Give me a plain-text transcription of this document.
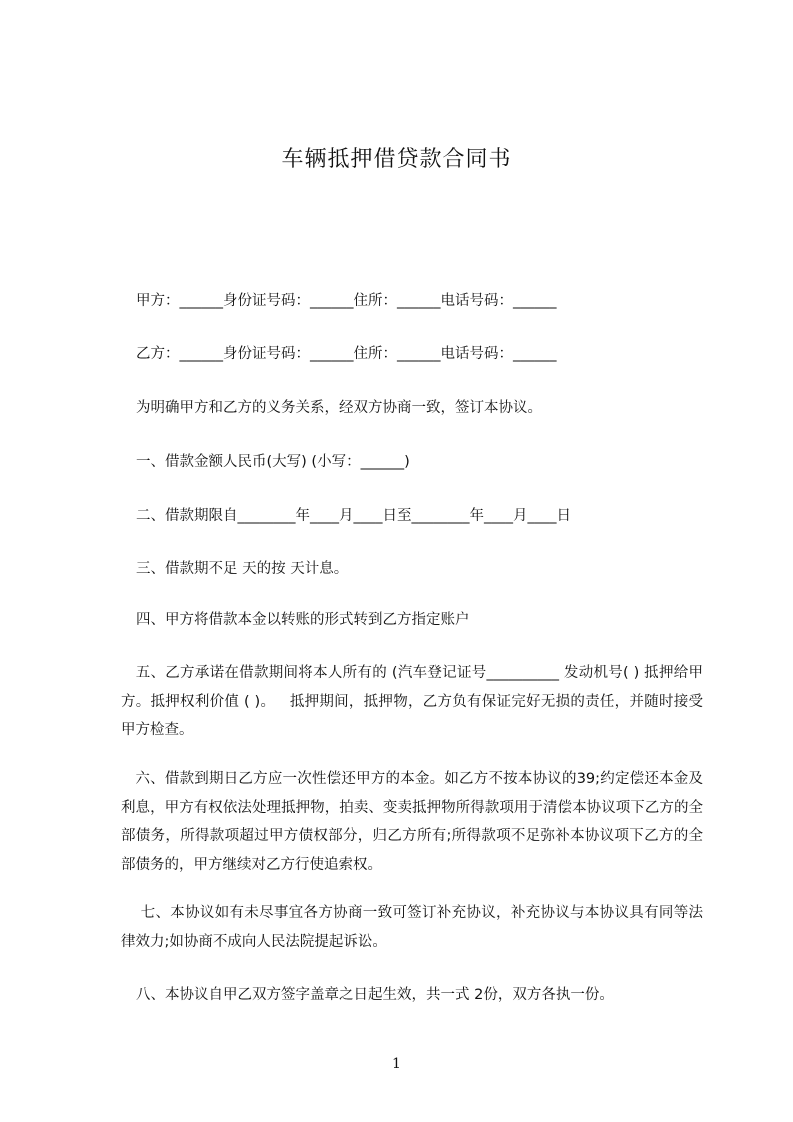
车辆抵押借贷款合同书
甲方：______身份证号码：______住所：______电话号码：______
乙方：______身份证号码：______住所：______电话号码：______
为明确甲方和乙方的义务关系，经双方协商一致，签订本协议。
一、借款金额人民币(大写) (小写：______)
二、借款期限自________年____月____日至________年____月____日
三、借款期不足 天的按 天计息。
四、甲方将借款本金以转账的形式转到乙方指定账户
五、乙方承诺在借款期间将本人所有的 (汽车登记证号__________ 发动机号( ) 抵押给甲方。抵押权利价值 ( )。   抵押期间，抵押物，乙方负有保证完好无损的责任，并随时接受甲方检查。
六、借款到期日乙方应一次性偿还甲方的本金。如乙方不按本协议的39;约定偿还本金及利息，甲方有权依法处理抵押物，拍卖、变卖抵押物所得款项用于清偿本协议项下乙方的全部债务，所得款项超过甲方债权部分，归乙方所有;所得款项不足弥补本协议项下乙方的全部债务的，甲方继续对乙方行使追索权。
七、本协议如有未尽事宜各方协商一致可签订补充协议，补充协议与本协议具有同等法律效力;如协商不成向人民法院提起诉讼。
八、本协议自甲乙双方签字盖章之日起生效，共一式 2份，双方各执一份。
1
